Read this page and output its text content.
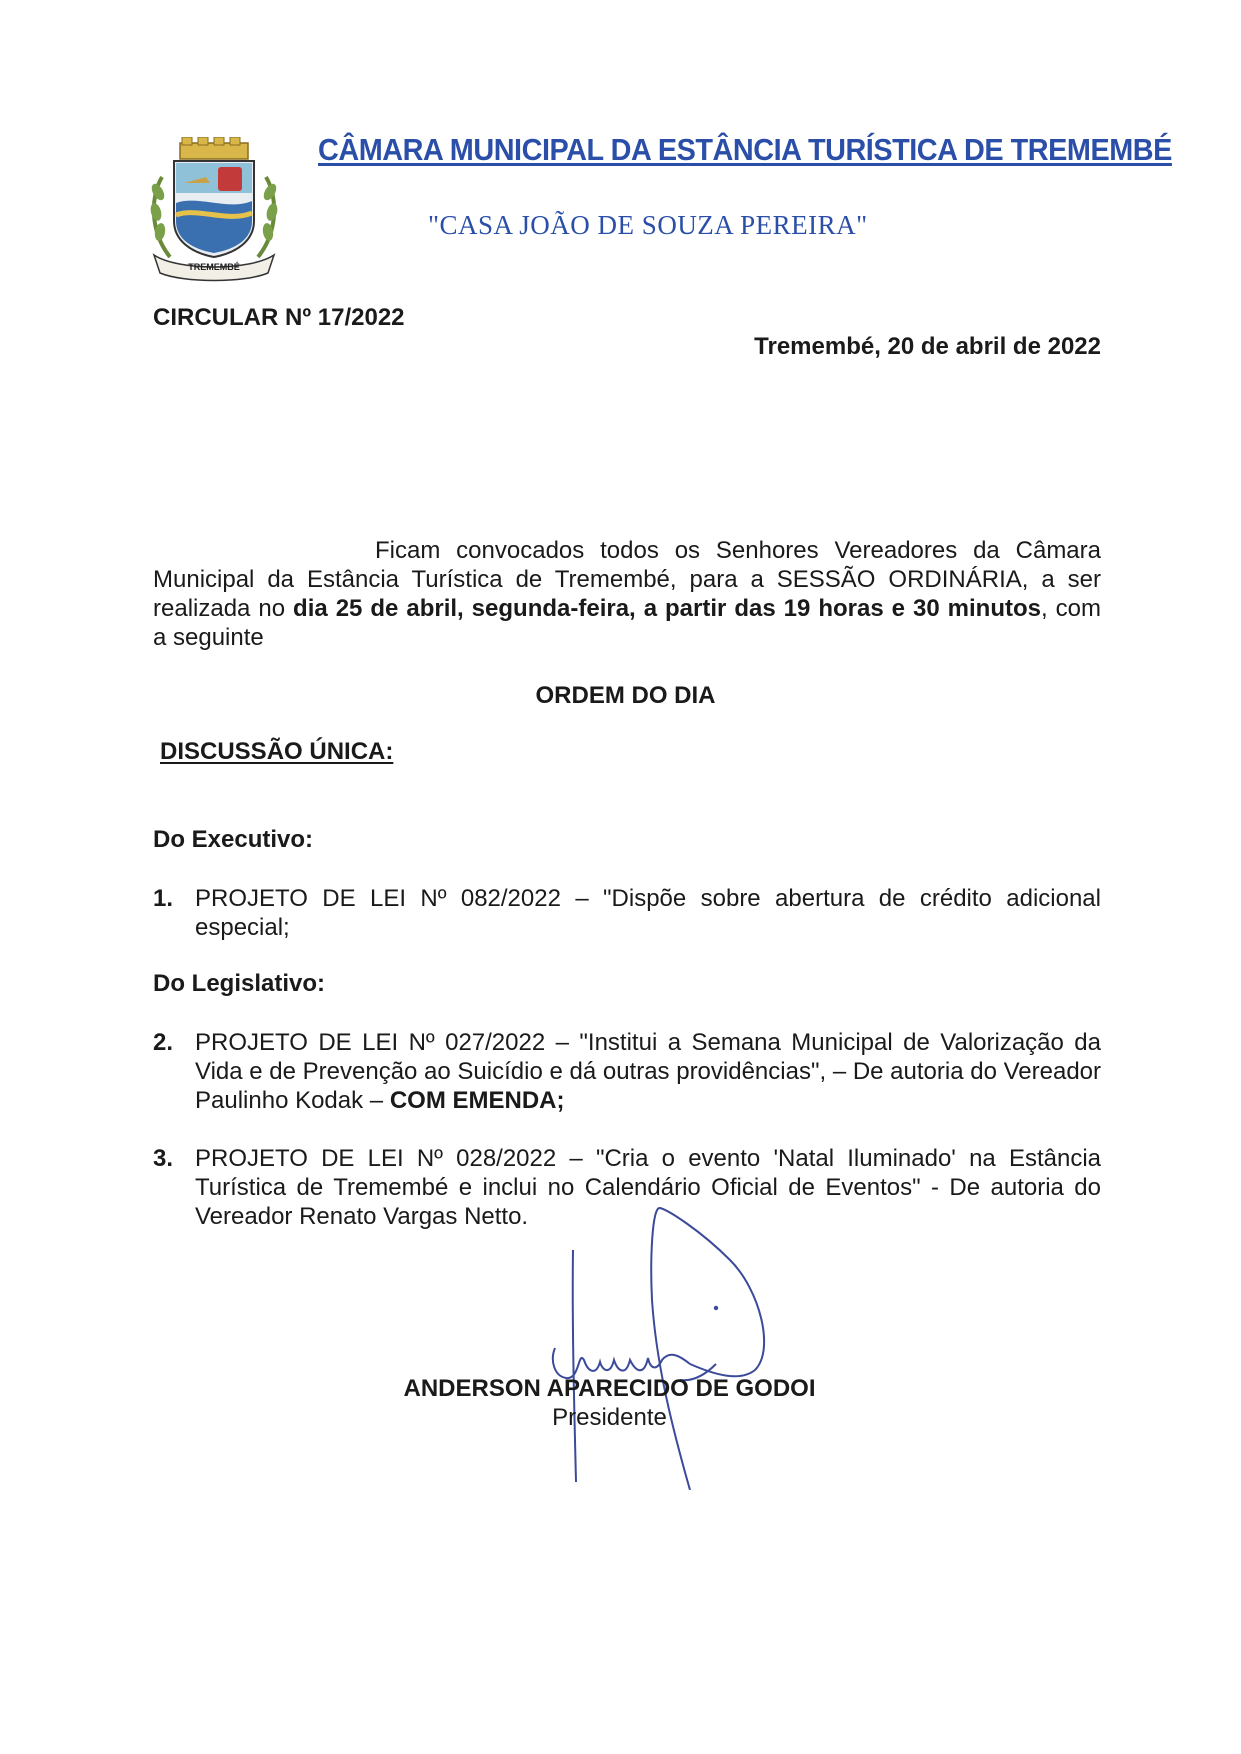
TREMEMBÉ
CÂMARA MUNICIPAL DA ESTÂNCIA TURÍSTICA DE TREMEMBÉ
"CASA JOÃO DE SOUZA PEREIRA"
CIRCULAR Nº 17/2022
Tremembé, 20 de abril de 2022
Ficam convocados todos os Senhores Vereadores da Câmara Municipal da Estância Turística de Tremembé, para a SESSÃO ORDINÁRIA, a ser realizada no dia 25 de abril, segunda-feira, a partir das 19 horas e 30 minutos, com a seguinte
ORDEM DO DIA
DISCUSSÃO ÚNICA:
Do Executivo:
1. PROJETO DE LEI Nº 082/2022 – "Dispõe sobre abertura de crédito adicional especial;
Do Legislativo:
2. PROJETO DE LEI Nº 027/2022 – "Institui a Semana Municipal de Valorização da Vida e de Prevenção ao Suicídio e dá outras providências", – De autoria do Vereador Paulinho Kodak – COM EMENDA;
3. PROJETO DE LEI Nº 028/2022 – "Cria o evento 'Natal Iluminado' na Estância Turística de Tremembé e inclui no Calendário Oficial de Eventos" - De autoria do Vereador Renato Vargas Netto.
ANDERSON APARECIDO DE GODOI
Presidente
